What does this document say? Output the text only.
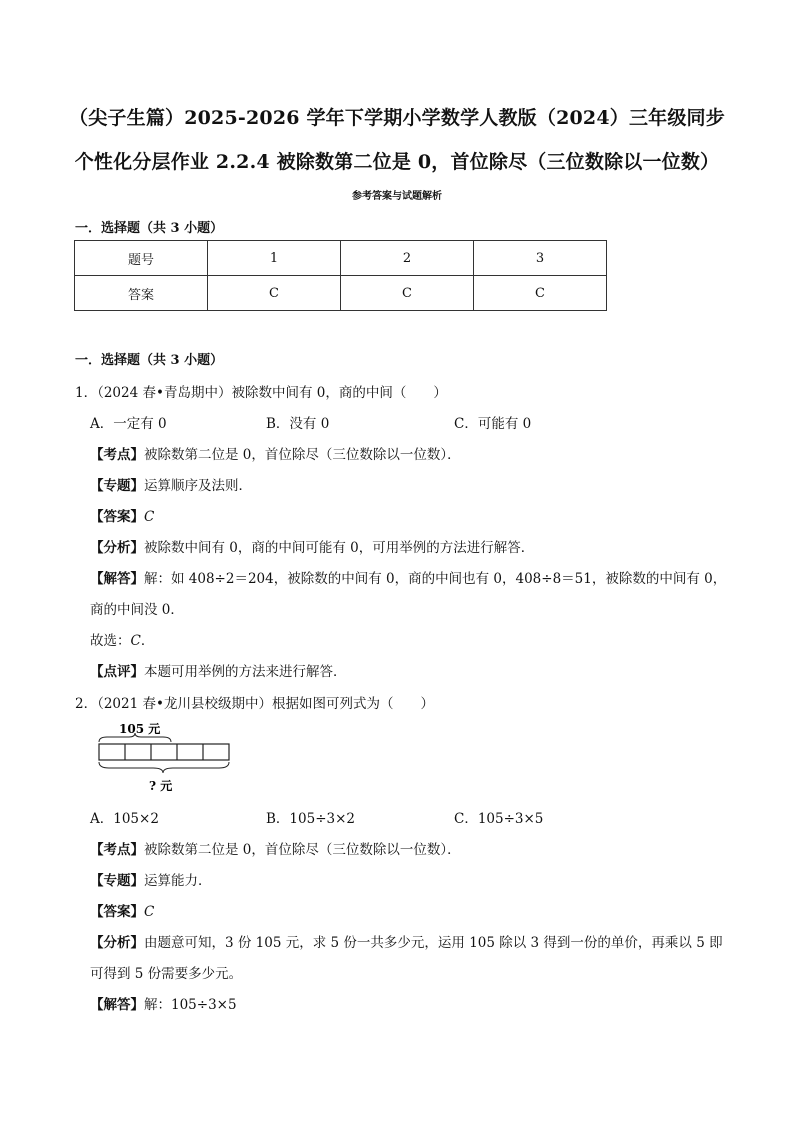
（尖子生篇）2025-2026 学年下学期小学数学人教版（2024）三年级同步
个性化分层作业 2.2.4 被除数第二位是 0，首位除尽（三位数除以一位数）
参考答案与试题解析
一．选择题（共 3 小题）
题号	1	2	3
答案	C	C	C
一．选择题（共 3 小题）
1．（2024 春•青岛期中）被除数中间有 0，商的中间（　　）
A．一定有 0	B．没有 0	C．可能有 0
【考点】被除数第二位是 0，首位除尽（三位数除以一位数）．
【专题】运算顺序及法则．
【答案】C
【分析】被除数中间有 0，商的中间可能有 0，可用举例的方法进行解答．
【解答】解：如 408÷2＝204，被除数的中间有 0，商的中间也有 0，408÷8＝51，被除数的中间有 0，
商的中间没 0．
故选：C．
【点评】本题可用举例的方法来进行解答．
2．（2021 春•龙川县校级期中）根据如图可列式为（　　）
105 元
? 元
A．105×2	B．105÷3×2	C．105÷3×5
【考点】被除数第二位是 0，首位除尽（三位数除以一位数）．
【专题】运算能力．
【答案】C
【分析】由题意可知，3 份 105 元，求 5 份一共多少元，运用 105 除以 3 得到一份的单价，再乘以 5 即
可得到 5 份需要多少元。
【解答】解：105÷3×5
